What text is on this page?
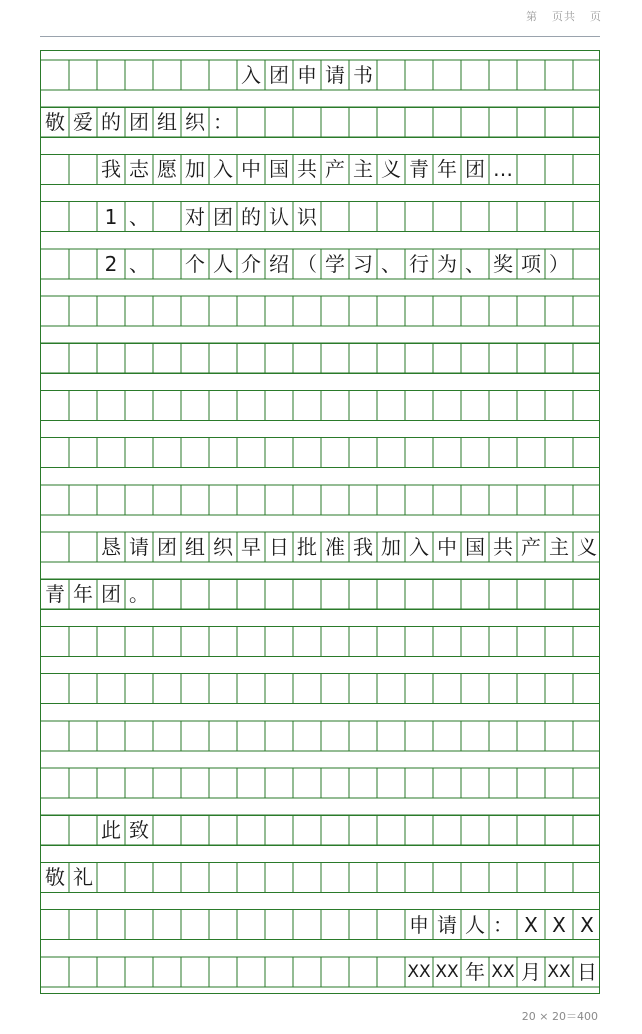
第 页共 页
入 团 申 请 书
敬 爱 的 团 组 织 ：
我 志 愿 加 入 中 国 共 产 主 义 青 年 团 …
1 、 对 团 的 认 识
2 、 个 人 介 绍 （ 学 习 、 行 为 、 奖 项 ）
恳 请 团 组 织 早 日 批 准 我 加 入 中 国 共 产 主 义
青 年 团 。
此 致
敬 礼
申 请 人 ： X X X
XX XX 年 XX 月 XX 日
20 × 20＝400
